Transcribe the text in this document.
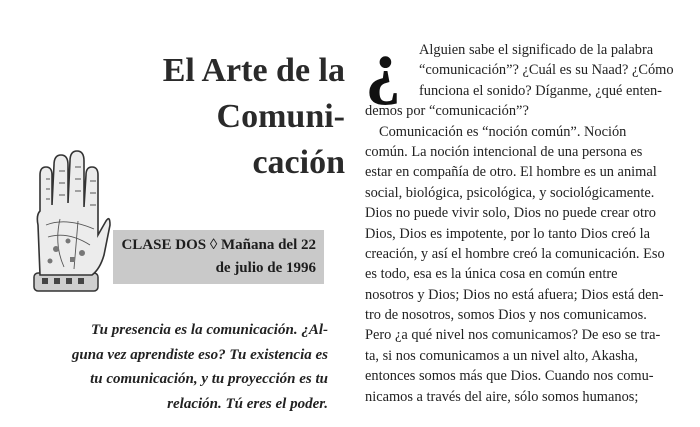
El Arte de la
Comuni-
cación
CLASE DOS ◊ Mañana del 22
de julio de 1996
Tu presencia es la comunicación. ¿Al-
guna vez aprendiste eso? Tu existencia es
tu comunicación, y tu proyección es tu
relación. Tú eres el poder.
¿	Alguien sabe el significado de la palabra
“comunicación”? ¿Cuál es su Naad? ¿Cómo
funciona el sonido? Díganme, ¿qué enten-
demos por “comunicación”?
Comunicación es “noción común”. Noción
común. La noción intencional de una persona es
estar en compañía de otro. El hombre es un animal
social, biológica, psicológica, y sociológicamente.
Dios no puede vivir solo, Dios no puede crear otro
Dios, Dios es impotente, por lo tanto Dios creó la
creación, y así el hombre creó la comunicación. Eso
es todo, esa es la única cosa en común entre
nosotros y Dios; Dios no está afuera; Dios está den-
tro de nosotros, somos Dios y nos comunicamos.
Pero ¿a qué nivel nos comunicamos? De eso se tra-
ta, si nos comunicamos a un nivel alto, Akasha,
entonces somos más que Dios. Cuando nos comu-
nicamos a través del aire, sólo somos humanos;
